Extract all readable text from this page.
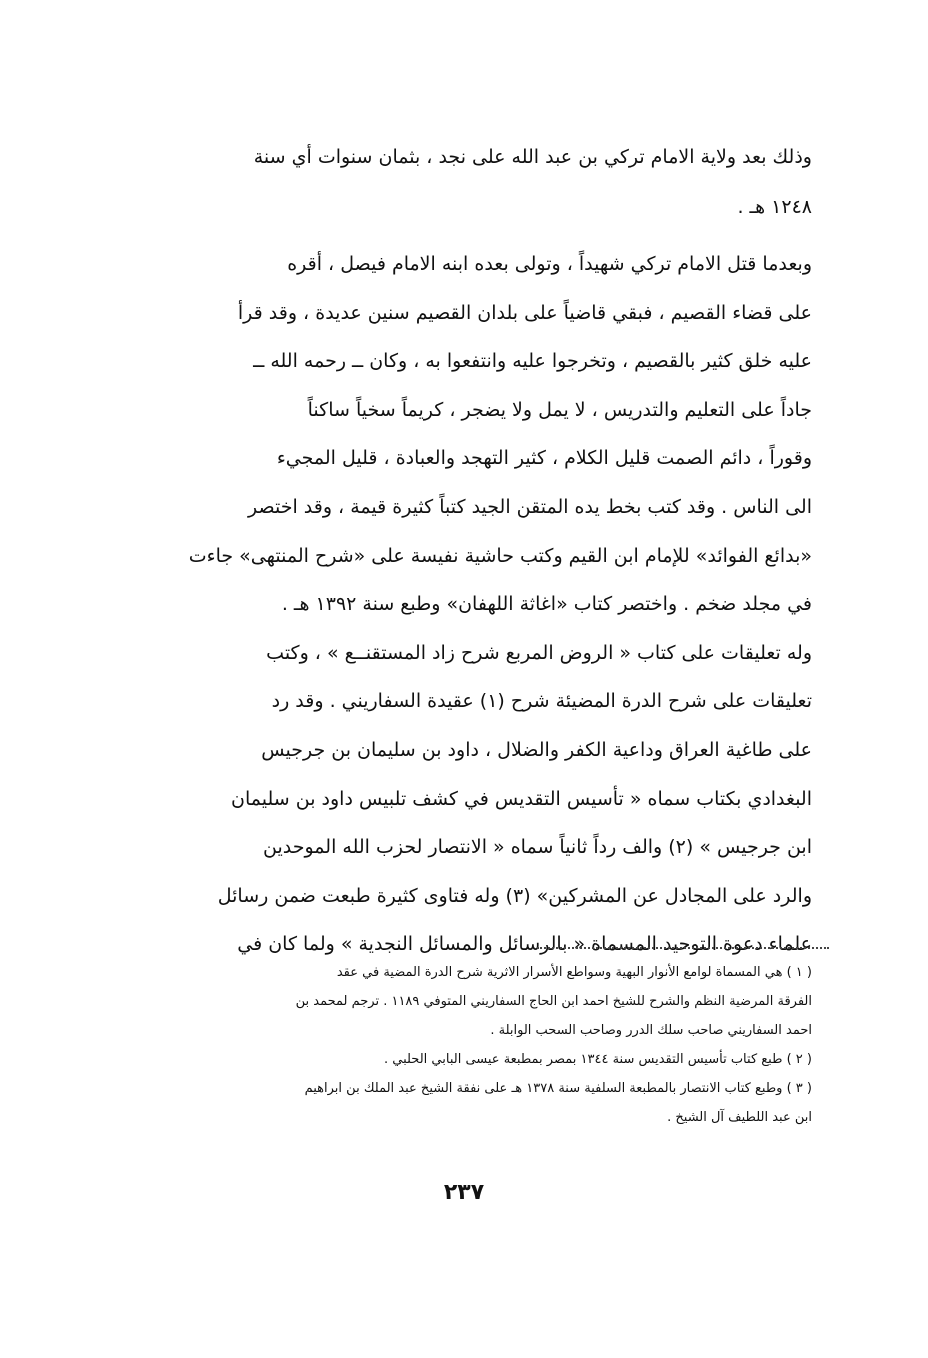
وذلك بعد ولاية الامام تركي بن عبد الله على نجد ، بثمان سنوات أي سنة
١٢٤٨ هـ .
وبعدما قتل الامام تركي شهيداً ، وتولى بعده ابنه الامام فيصل ، أقره
على قضاء القصيم ، فبقي قاضياً على بلدان القصيم سنين عديدة ، وقد قرأ
عليه خلق كثير بالقصيم ، وتخرجوا عليه وانتفعوا به ، وكان ــ رحمه الله ــ
جاداً على التعليم والتدريس ، لا يمل ولا يضجر ، كريماً سخياً ساكناً
وقوراً ، دائم الصمت قليل الكلام ، كثير التهجد والعبادة ، قليل المجيء
الى الناس . وقد كتب بخط يده المتقن الجيد كتباً كثيرة قيمة ، وقد اختصر
«بدائع الفوائد» للإمام ابن القيم وكتب حاشية نفيسة على «شرح المنتهى» جاءت
في مجلد ضخم . واختصر كتاب «اغاثة اللهفان» وطبع سنة ١٣٩٢ هـ .
وله تعليقات على كتاب « الروض المربع شرح زاد المستقنــع » ، وكتب
تعليقات على شرح الدرة المضيئة شرح (١) عقيدة السفاريني . وقد رد
على طاغية العراق وداعية الكفر والضلال ، داود بن سليمان بن جرجيس
البغدادي بكتاب سماه « تأسيس التقديس في كشف تلبيس داود بن سليمان
ابن جرجيس » (٢) والف رداً ثانياً سماه « الانتصار لحزب الله الموحدين
والرد على المجادل عن المشركين» (٣) وله فتاوى كثيرة طبعت ضمن رسائل
علماء دعوة التوحيد المسماة « بالرسائل والمسائل النجدية » ولما كان في
( ١ ) هي المسماة لوامع الأنوار البهية وسواطع الأسرار الاثرية شرح الدرة المضية في عقد
الفرقة المرضية النظم والشرح للشيخ احمد ابن الحاج السفاريني المتوفي ١١٨٩ . ترجم لمحمد بن
احمد السفاريني صاحب سلك الدرر وصاحب السحب الوابلة .
( ٢ ) طبع كتاب تأسيس التقديس سنة ١٣٤٤ بمصر بمطبعة عيسى البابي الحلبي .
( ٣ ) وطبع كتاب الانتصار بالمطبعة السلفية سنة ١٣٧٨ هـ على نفقة الشيخ عبد الملك بن ابراهيم
ابن عبد اللطيف آل الشيخ .
٢٣٧
